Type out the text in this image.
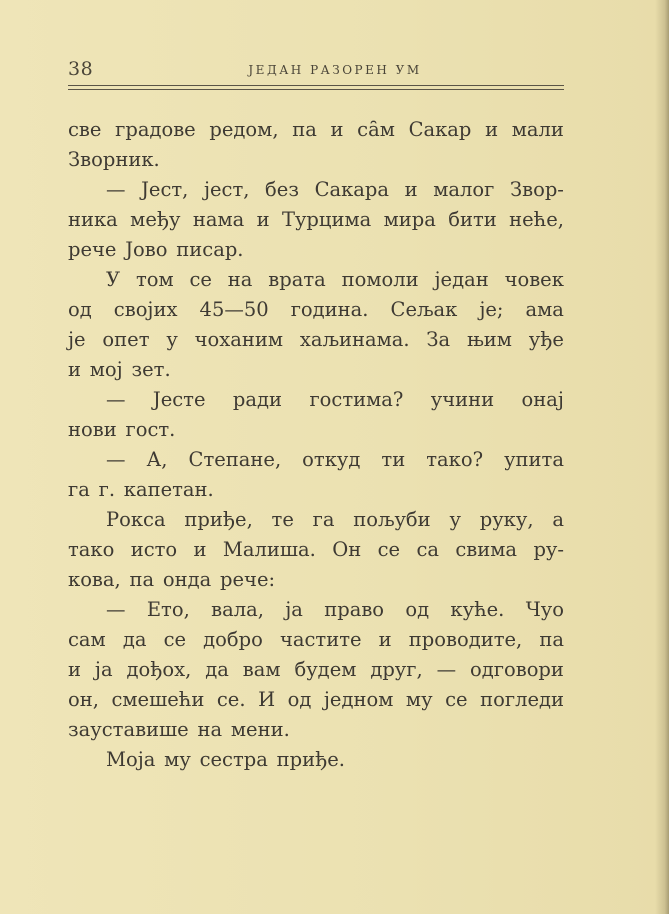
38	ЈЕДАН РАЗОРЕН УМ
све градове редом, па и са̑м Сакар и мали
Зворник.
— Јест, јест, без Сакара и малог Звор-
ника међу нама и Турцима мира бити неће,
рече Јово писар.
У том се на врата помоли један човек
од својих 45—50 година. Сељак је; ама
је опет у чоханим хаљинама. За њим уђе
и мој зет.
— Јесте ради гостима? учини онај
нови гост.
— А, Степане, откуд ти тако? упита
га г. капетан.
Рокса приђе, те га пољуби у руку, а
тако исто и Малиша. Он се са свима ру-
кова, па онда рече:
— Ето, вала, ја право од куће. Чуо
сам да се добро частите и проводите, па
и ја дођох, да вам будем друг, — одговори
он, смешећи се. И од једном му се погледи
зауставише на мени.
Моја му сестра приђе.
